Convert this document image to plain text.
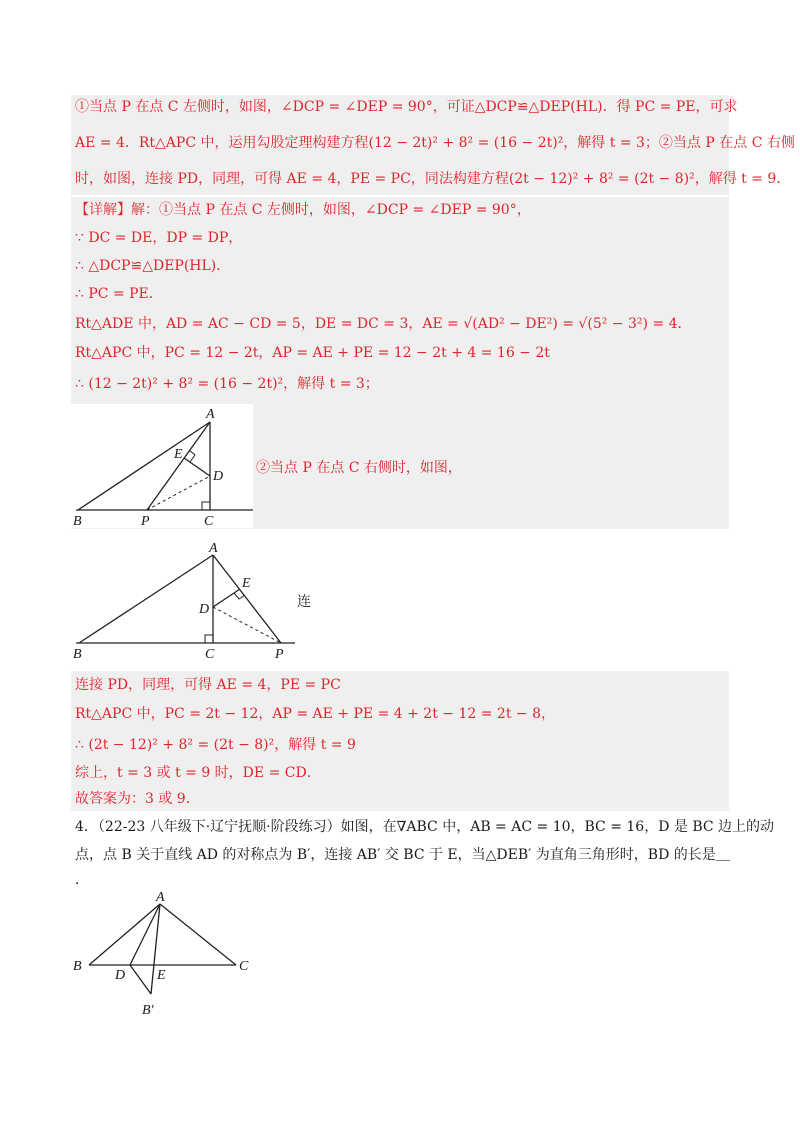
①当点 P 在点 C 左侧时，如图，∠DCP = ∠DEP = 90°，可证△DCP≌△DEP(HL)．得 PC = PE，可求
AE = 4．Rt△APC 中，运用勾股定理构建方程(12 − 2t)² + 8² = (16 − 2t)²，解得 t = 3；②当点 P 在点 C 右侧
时，如图，连接 PD，同理，可得 AE = 4，PE = PC，同法构建方程(2t − 12)² + 8² = (2t − 8)²，解得 t = 9．
【详解】解：①当点 P 在点 C 左侧时，如图，∠DCP = ∠DEP = 90°，
∵ DC = DE，DP = DP，
∴ △DCP≌△DEP(HL)．
∴ PC = PE．
Rt△ADE 中，AD = AC − CD = 5，DE = DC = 3，AE = √(AD² − DE²) = √(5² − 3²) = 4．
Rt△APC 中，PC = 12 − 2t，AP = AE + PE = 12 − 2t + 4 = 16 − 2t
∴ (12 − 2t)² + 8² = (16 − 2t)²，解得 t = 3；
A
E
D
B	P	C
②当点 P 在点 C 右侧时，如图，
A
E
D
B	C	P
连
连接 PD，同理，可得 AE = 4，PE = PC
Rt△APC 中，PC = 2t − 12，AP = AE + PE = 4 + 2t − 12 = 2t − 8，
∴ (2t − 12)² + 8² = (2t − 8)²，解得 t = 9
综上，t = 3 或 t = 9 时，DE = CD．
故答案为：3 或 9．
4．（22-23 八年级下·辽宁抚顺·阶段练习）如图，在∇ABC 中，AB = AC = 10，BC = 16，D 是 BC 边上的动
点，点 B 关于直线 AD 的对称点为 B′，连接 AB′ 交 BC 于 E，当△DEB′ 为直角三角形时，BD 的长是＿
．
A
B
D E
C
B′
